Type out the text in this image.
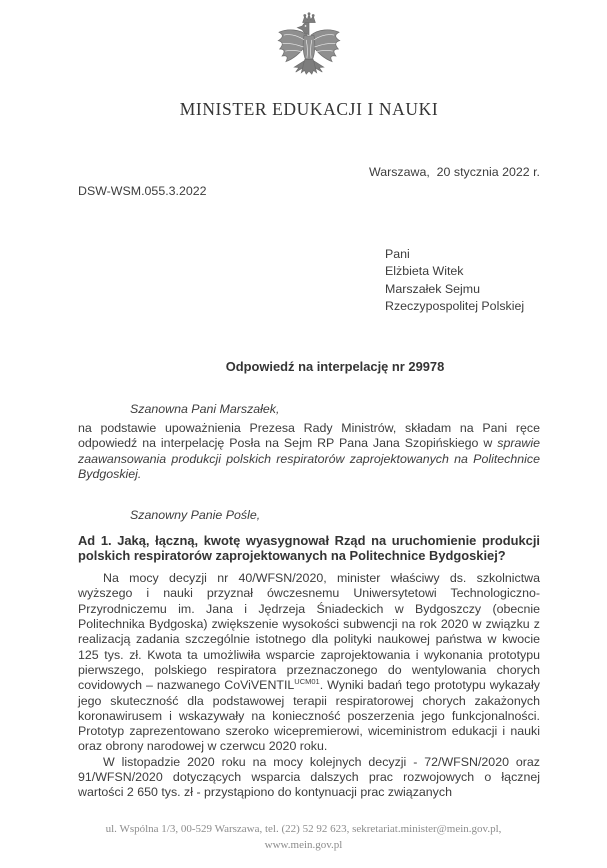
MINISTER EDUKACJI I NAUKI
Warszawa,  20 stycznia 2022 r.
DSW-WSM.055.3.2022
Pani
Elżbieta Witek
Marszałek Sejmu
Rzeczypospolitej Polskiej
Odpowiedź na interpelację nr 29978
Szanowna Pani Marszałek,

na podstawie upoważnienia Prezesa Rady Ministrów, składam na Pani ręce odpowiedź na interpelację Posła na Sejm RP Pana Jana Szopińskiego w sprawie zaawansowania produkcji polskich respiratorów zaprojektowanych na Politechnice Bydgoskiej.

Szanowny Panie Pośle,

Ad 1. Jaką, łączną, kwotę wyasygnował Rząd na uruchomienie produkcji polskich respiratorów zaprojektowanych na Politechnice Bydgoskiej?

Na mocy decyzji nr 40/WFSN/2020, minister właściwy ds. szkolnictwa wyższego i nauki przyznał ówczesnemu Uniwersytetowi Technologiczno-Przyrodniczemu im. Jana i Jędrzeja Śniadeckich w Bydgoszczy (obecnie Politechnika Bydgoska) zwiększenie wysokości subwencji na rok 2020 w związku z realizacją zadania szczególnie istotnego dla polityki naukowej państwa w kwocie 125 tys. zł. Kwota ta umożliwiła wsparcie zaprojektowania i wykonania prototypu pierwszego, polskiego respiratora przeznaczonego do wentylowania chorych covidowych – nazwanego CoViVENTIL$^{UCM01}$. Wyniki badań tego prototypu wykazały jego skuteczność dla podstawowej terapii respiratorowej chorych zakażonych koronawirusem i wskazywały na konieczność poszerzenia jego funkcjonalności. Prototyp zaprezentowano szeroko wicepremierowi, wiceministrom edukacji i nauki oraz obrony narodowej w czerwcu 2020 roku.

W listopadzie 2020 roku na mocy kolejnych decyzji - 72/WFSN/2020 oraz 91/WFSN/2020 dotyczących wsparcia dalszych prac rozwojowych o łącznej wartości 2 650 tys. zł - przystąpiono do kontynuacji prac związanych

ul. Wspólna 1/3, 00-529 Warszawa, tel. (22) 52 92 623, sekretariat.minister@mein.gov.pl,
www.mein.gov.pl
